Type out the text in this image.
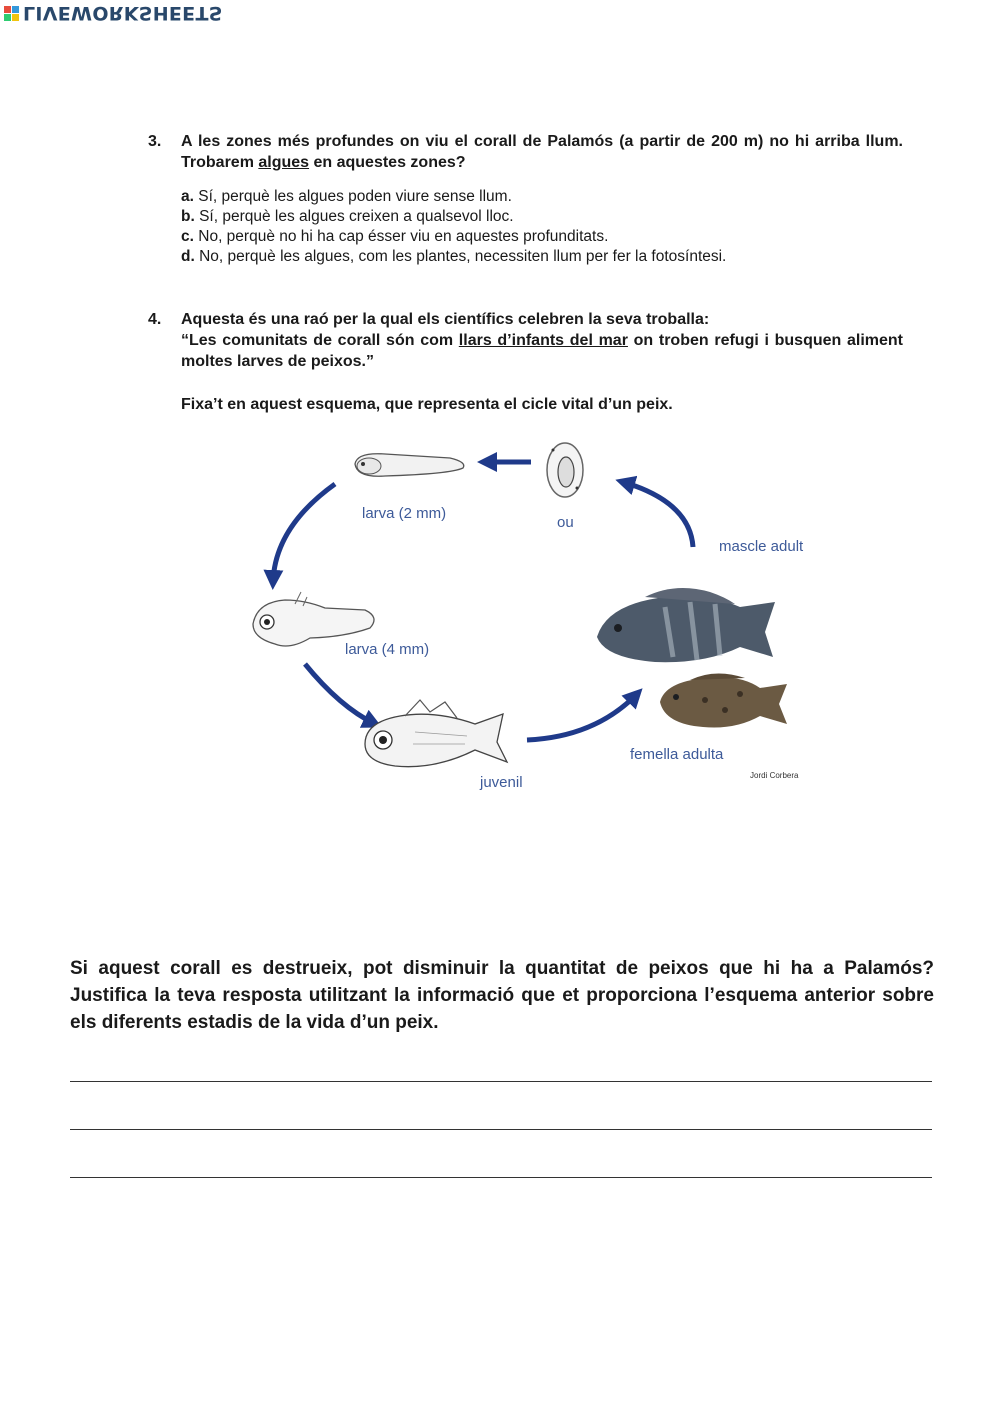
LIVEWORKSHEETS
3. A les zones més profundes on viu el corall de Palamós (a partir de 200 m) no hi arriba llum. Trobarem algues en aquestes zones?
a. Sí, perquè les algues poden viure sense llum.
b. Sí, perquè les algues creixen a qualsevol lloc.
c. No, perquè no hi ha cap ésser viu en aquestes profunditats.
d. No, perquè les algues, com les plantes, necessiten llum per fer la fotosíntesi.
4. Aquesta és una raó per la qual els científics celebren la seva troballa:
“Les comunitats de corall són com llars d’infants del mar on troben refugi i busquen aliment moltes larves de peixos.”
Fixa’t en aquest esquema, que representa el cicle vital d’un peix.
larva (2 mm)
ou
mascle adult
larva (4 mm)
femella adulta
juvenil	Jordi Corbera
Si aquest corall es destrueix, pot disminuir la quantitat de peixos que hi ha a Palamós? Justifica la teva resposta utilitzant la informació que et proporciona l’esquema anterior sobre els diferents estadis de la vida d’un peix.
